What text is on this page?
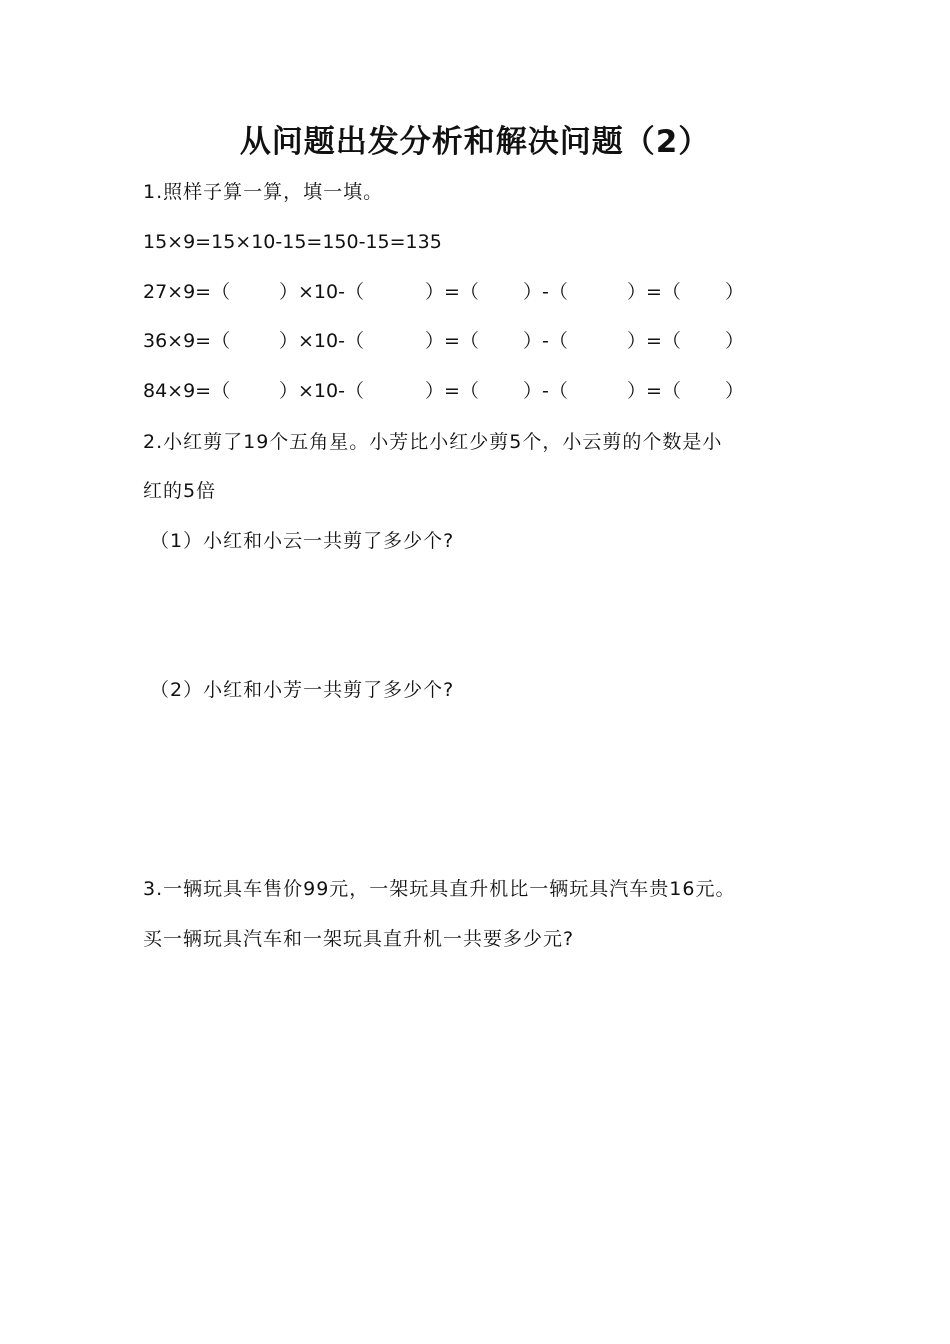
从问题出发分析和解决问题（2）
1.照样子算一算，填一填。
15×9=15×10-15=150-15=135
27×9=（	）×10-（	）=（ ）-（	）=（ ）
36×9=（	）×10-（	）=（ ）-（	）=（ ）
84×9=（	）×10-（	）=（ ）-（	）=（ ）
2.小红剪了19个五角星。小芳比小红少剪5个，小云剪的个数是小
红的5倍
（1）小红和小云一共剪了多少个?
（2）小红和小芳一共剪了多少个?
3.一辆玩具车售价99元，一架玩具直升机比一辆玩具汽车贵16元。
买一辆玩具汽车和一架玩具直升机一共要多少元?
